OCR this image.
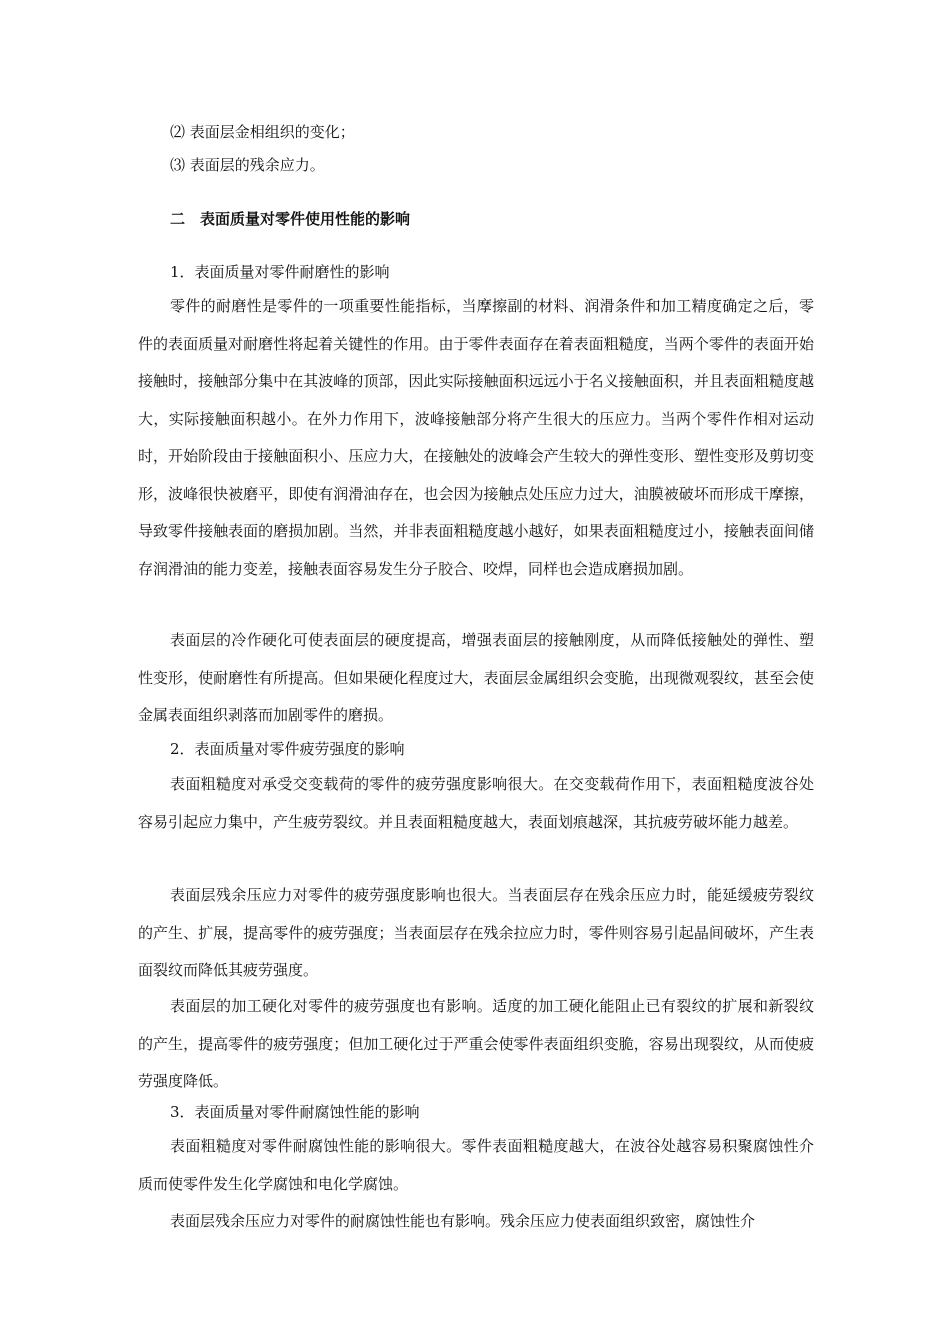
⑵ 表面层金相组织的变化；
⑶ 表面层的残余应力。
二　表面质量对零件使用性能的影响
1．表面质量对零件耐磨性的影响
零件的耐磨性是零件的一项重要性能指标，当摩擦副的材料、润滑条件和加工精度确定之后，零件的表面质量对耐磨性将起着关键性的作用。由于零件表面存在着表面粗糙度，当两个零件的表面开始接触时，接触部分集中在其波峰的顶部，因此实际接触面积远远小于名义接触面积，并且表面粗糙度越大，实际接触面积越小。在外力作用下，波峰接触部分将产生很大的压应力。当两个零件作相对运动时，开始阶段由于接触面积小、压应力大，在接触处的波峰会产生较大的弹性变形、塑性变形及剪切变形，波峰很快被磨平，即使有润滑油存在，也会因为接触点处压应力过大，油膜被破坏而形成干摩擦，导致零件接触表面的磨损加剧。当然，并非表面粗糙度越小越好，如果表面粗糙度过小，接触表面间储存润滑油的能力变差，接触表面容易发生分子胶合、咬焊，同样也会造成磨损加剧。
表面层的冷作硬化可使表面层的硬度提高，增强表面层的接触刚度，从而降低接触处的弹性、塑性变形，使耐磨性有所提高。但如果硬化程度过大，表面层金属组织会变脆，出现微观裂纹，甚至会使金属表面组织剥落而加剧零件的磨损。
2．表面质量对零件疲劳强度的影响
表面粗糙度对承受交变载荷的零件的疲劳强度影响很大。在交变载荷作用下，表面粗糙度波谷处容易引起应力集中，产生疲劳裂纹。并且表面粗糙度越大，表面划痕越深，其抗疲劳破坏能力越差。
表面层残余压应力对零件的疲劳强度影响也很大。当表面层存在残余压应力时，能延缓疲劳裂纹的产生、扩展，提高零件的疲劳强度；当表面层存在残余拉应力时，零件则容易引起晶间破坏，产生表面裂纹而降低其疲劳强度。
表面层的加工硬化对零件的疲劳强度也有影响。适度的加工硬化能阻止已有裂纹的扩展和新裂纹的产生，提高零件的疲劳强度；但加工硬化过于严重会使零件表面组织变脆，容易出现裂纹，从而使疲劳强度降低。
3．表面质量对零件耐腐蚀性能的影响
表面粗糙度对零件耐腐蚀性能的影响很大。零件表面粗糙度越大，在波谷处越容易积聚腐蚀性介质而使零件发生化学腐蚀和电化学腐蚀。
表面层残余压应力对零件的耐腐蚀性能也有影响。残余压应力使表面组织致密，腐蚀性介
